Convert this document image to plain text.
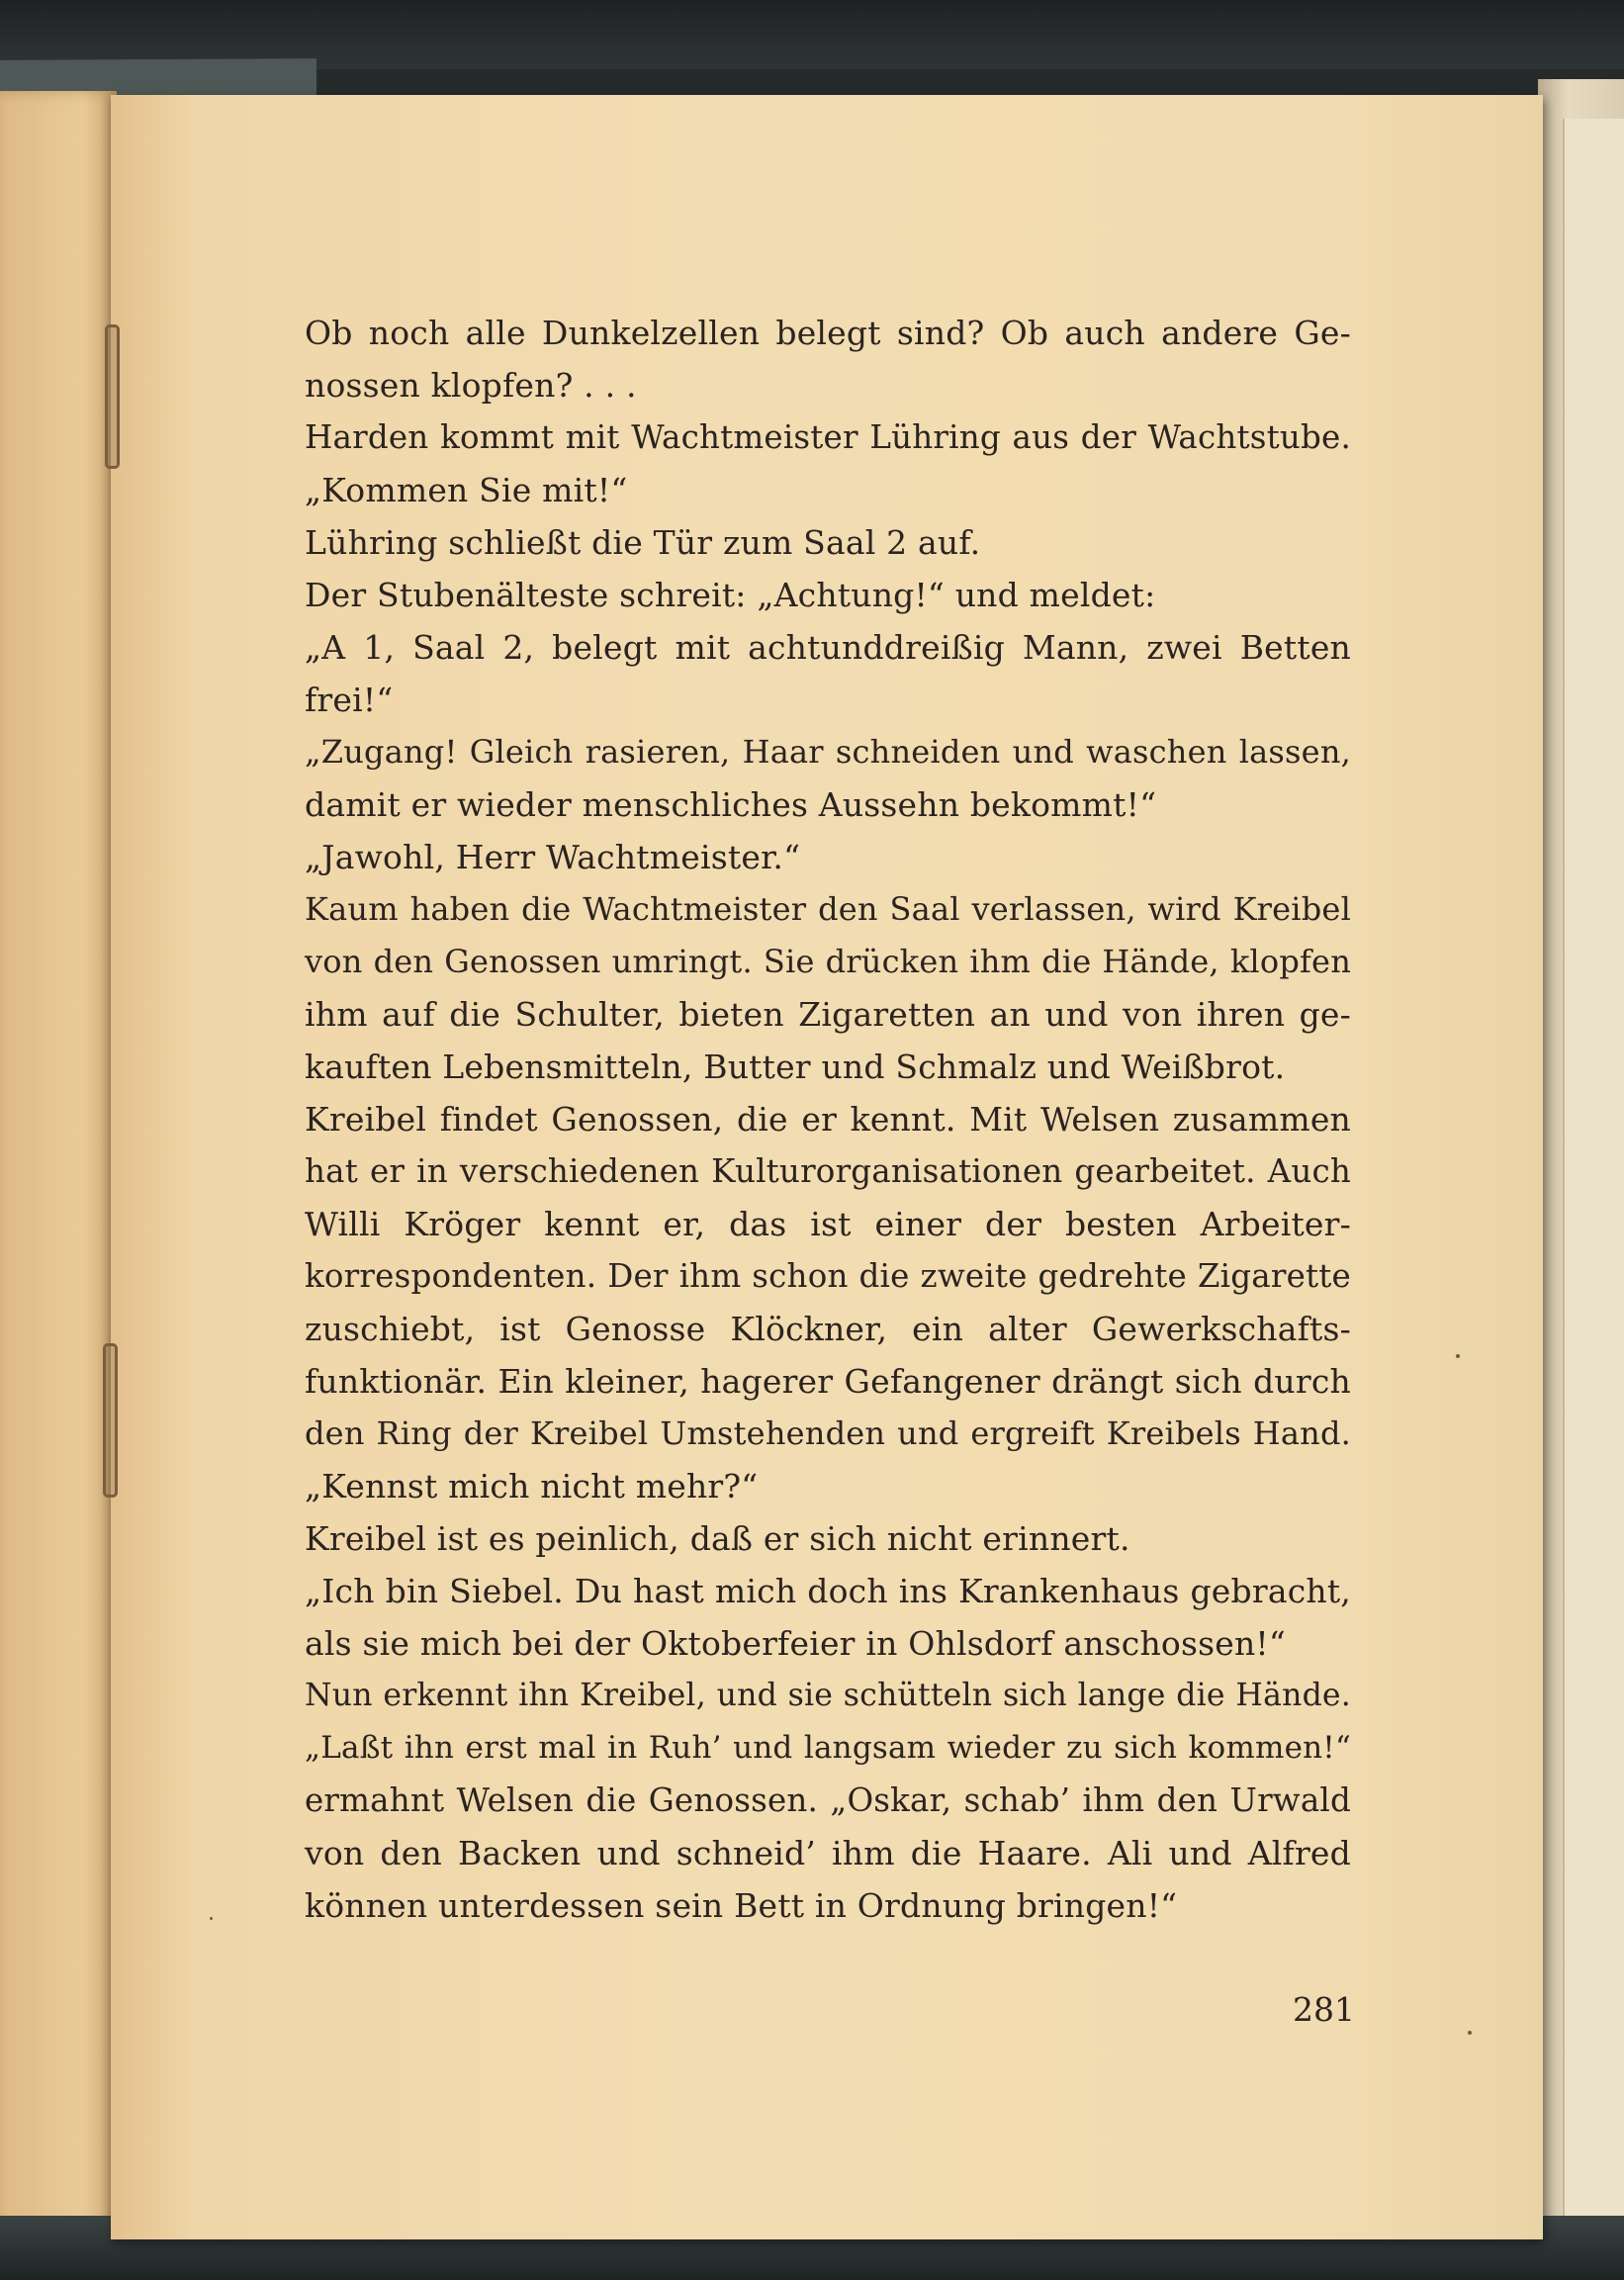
Ob noch alle Dunkelzellen belegt sind? Ob auch andere Ge-
nossen klopfen? . . .
Harden kommt mit Wachtmeister Lühring aus der Wachtstube.
„Kommen Sie mit!“
Lühring schließt die Tür zum Saal 2 auf.
Der Stubenälteste schreit: „Achtung!“ und meldet:
„A 1, Saal 2, belegt mit achtunddreißig Mann, zwei Betten
frei!“
„Zugang! Gleich rasieren, Haar schneiden und waschen lassen,
damit er wieder menschliches Aussehn bekommt!“
„Jawohl, Herr Wachtmeister.“
Kaum haben die Wachtmeister den Saal verlassen, wird Kreibel
von den Genossen umringt. Sie drücken ihm die Hände, klopfen
ihm auf die Schulter, bieten Zigaretten an und von ihren ge-
kauften Lebensmitteln, Butter und Schmalz und Weißbrot.
Kreibel findet Genossen, die er kennt. Mit Welsen zusammen
hat er in verschiedenen Kulturorganisationen gearbeitet. Auch
Willi Kröger kennt er, das ist einer der besten Arbeiter-
korrespondenten. Der ihm schon die zweite gedrehte Zigarette
zuschiebt, ist Genosse Klöckner, ein alter Gewerkschafts-
funktionär. Ein kleiner, hagerer Gefangener drängt sich durch
den Ring der Kreibel Umstehenden und ergreift Kreibels Hand.
„Kennst mich nicht mehr?“
Kreibel ist es peinlich, daß er sich nicht erinnert.
„Ich bin Siebel. Du hast mich doch ins Krankenhaus gebracht,
als sie mich bei der Oktoberfeier in Ohlsdorf anschossen!“
Nun erkennt ihn Kreibel, und sie schütteln sich lange die Hände.
„Laßt ihn erst mal in Ruh’ und langsam wieder zu sich kommen!“
ermahnt Welsen die Genossen. „Oskar, schab’ ihm den Urwald
von den Backen und schneid’ ihm die Haare. Ali und Alfred
können unterdessen sein Bett in Ordnung bringen!“
281
